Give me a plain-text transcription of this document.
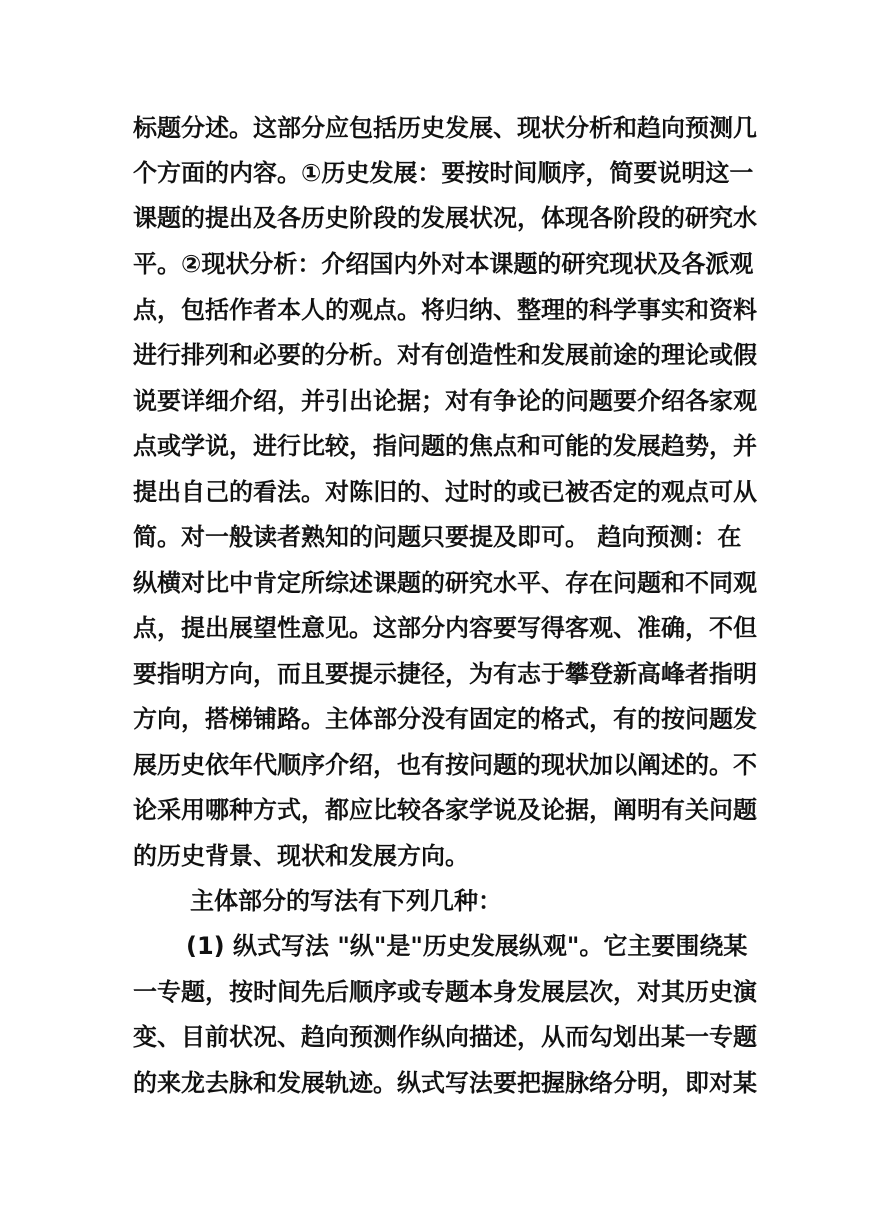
标题分述。这部分应包括历史发展、现状分析和趋向预测几
个方面的内容。①历史发展：要按时间顺序，简要说明这一
课题的提出及各历史阶段的发展状况，体现各阶段的研究水
平。②现状分析：介绍国内外对本课题的研究现状及各派观
点，包括作者本人的观点。将归纳、整理的科学事实和资料
进行排列和必要的分析。对有创造性和发展前途的理论或假
说要详细介绍，并引出论据；对有争论的问题要介绍各家观
点或学说，进行比较，指问题的焦点和可能的发展趋势，并
提出自己的看法。对陈旧的、过时的或已被否定的观点可从
简。对一般读者熟知的问题只要提及即可。 趋向预测：在
纵横对比中肯定所综述课题的研究水平、存在问题和不同观
点，提出展望性意见。这部分内容要写得客观、准确，不但
要指明方向，而且要提示捷径，为有志于攀登新高峰者指明
方向，搭梯铺路。主体部分没有固定的格式，有的按问题发
展历史依年代顺序介绍，也有按问题的现状加以阐述的。不
论采用哪种方式，都应比较各家学说及论据，阐明有关问题
的历史背景、现状和发展方向。
主体部分的写法有下列几种：
(1) 纵式写法 "纵"是"历史发展纵观"。它主要围绕某
一专题，按时间先后顺序或专题本身发展层次，对其历史演
变、目前状况、趋向预测作纵向描述，从而勾划出某一专题
的来龙去脉和发展轨迹。纵式写法要把握脉络分明，即对某
